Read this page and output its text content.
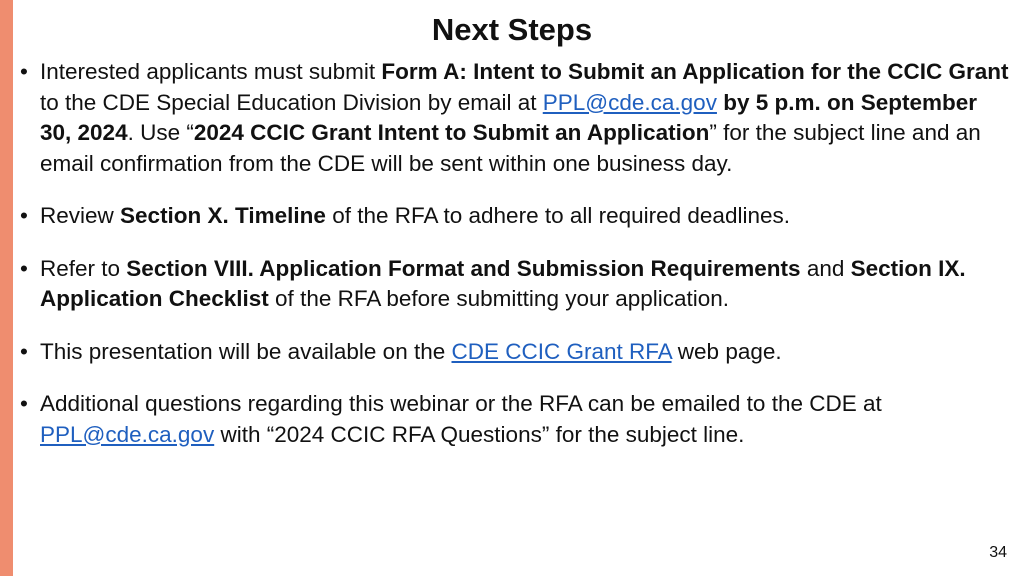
Next Steps
• Interested applicants must submit Form A: Intent to Submit an Application for the CCIC Grant to the CDE Special Education Division by email at PPL@cde.ca.gov by 5 p.m. on September 30, 2024. Use “2024 CCIC Grant Intent to Submit an Application” for the subject line and an email confirmation from the CDE will be sent within one business day.
• Review Section X. Timeline of the RFA to adhere to all required deadlines.
• Refer to Section VIII. Application Format and Submission Requirements and Section IX. Application Checklist of the RFA before submitting your application.
• This presentation will be available on the CDE CCIC Grant RFA web page.
• Additional questions regarding this webinar or the RFA can be emailed to the CDE at PPL@cde.ca.gov with “2024 CCIC RFA Questions” for the subject line.
34
